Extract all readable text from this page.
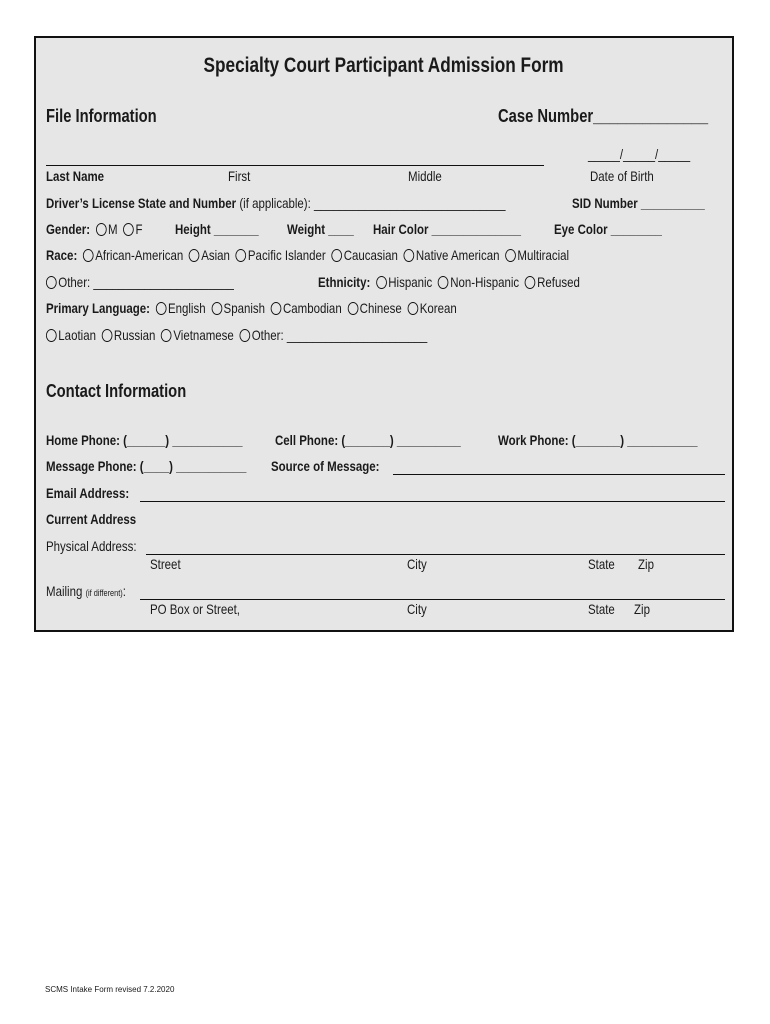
Specialty Court Participant Admission Form
File Information	Case Number______________
_____/_____/_____
Last Name	First	Middle	Date of Birth
Driver’s License State and Number (if applicable): ______________________________	SID Number __________
Gender: M F	Height _______	Weight ____	Hair Color ______________	Eye Color ________
Race: African-American Asian Pacific Islander Caucasian Native American Multiracial
Other: ______________________	Ethnicity: Hispanic Non-Hispanic Refused
Primary Language: English Spanish Cambodian Chinese Korean
Laotian Russian Vietnamese Other: ______________________
Contact Information
Home Phone: (______) ___________	Cell Phone: (_______) __________	Work Phone: (_______) ___________
Message Phone: (____) ___________	Source of Message:
Email Address:
Current Address
Physical Address:
Street	City	State	Zip
Mailing (if different):
PO Box or Street,	City	State	Zip
SCMS Intake Form revised 7.2.2020
